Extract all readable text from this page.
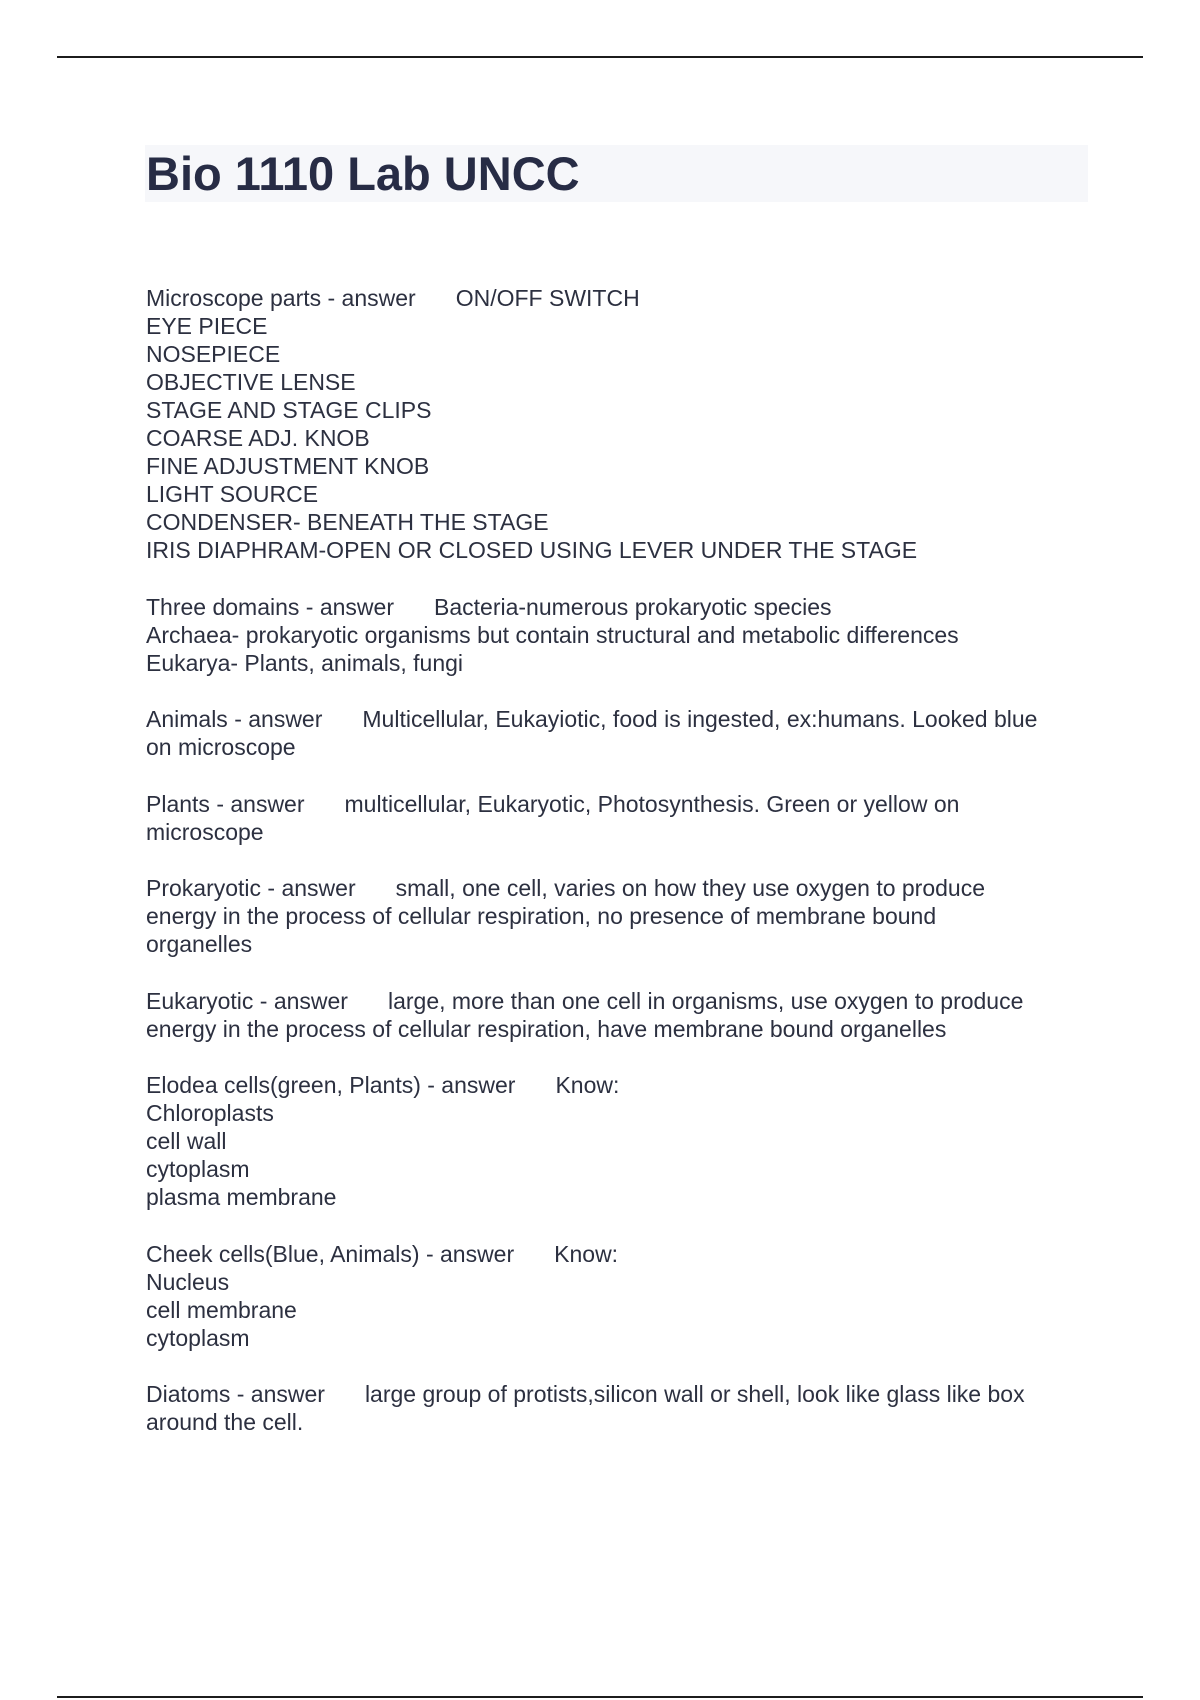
Bio 1110 Lab UNCC
Microscope parts - answer ON/OFF SWITCH
EYE PIECE
NOSEPIECE
OBJECTIVE LENSE
STAGE AND STAGE CLIPS
COARSE ADJ. KNOB
FINE ADJUSTMENT KNOB
LIGHT SOURCE
CONDENSER- BENEATH THE STAGE
IRIS DIAPHRAM-OPEN OR CLOSED USING LEVER UNDER THE STAGE
Three domains - answer Bacteria-numerous prokaryotic species
Archaea- prokaryotic organisms but contain structural and metabolic differences
Eukarya- Plants, animals, fungi
Animals - answer Multicellular, Eukayiotic, food is ingested, ex:humans. Looked blue
on microscope
Plants - answer multicellular, Eukaryotic, Photosynthesis. Green or yellow on
microscope
Prokaryotic - answer small, one cell, varies on how they use oxygen to produce
energy in the process of cellular respiration, no presence of membrane bound
organelles
Eukaryotic - answer large, more than one cell in organisms, use oxygen to produce
energy in the process of cellular respiration, have membrane bound organelles
Elodea cells(green, Plants) - answer Know:
Chloroplasts
cell wall
cytoplasm
plasma membrane
Cheek cells(Blue, Animals) - answer Know:
Nucleus
cell membrane
cytoplasm
Diatoms - answer large group of protists,silicon wall or shell, look like glass like box
around the cell.
